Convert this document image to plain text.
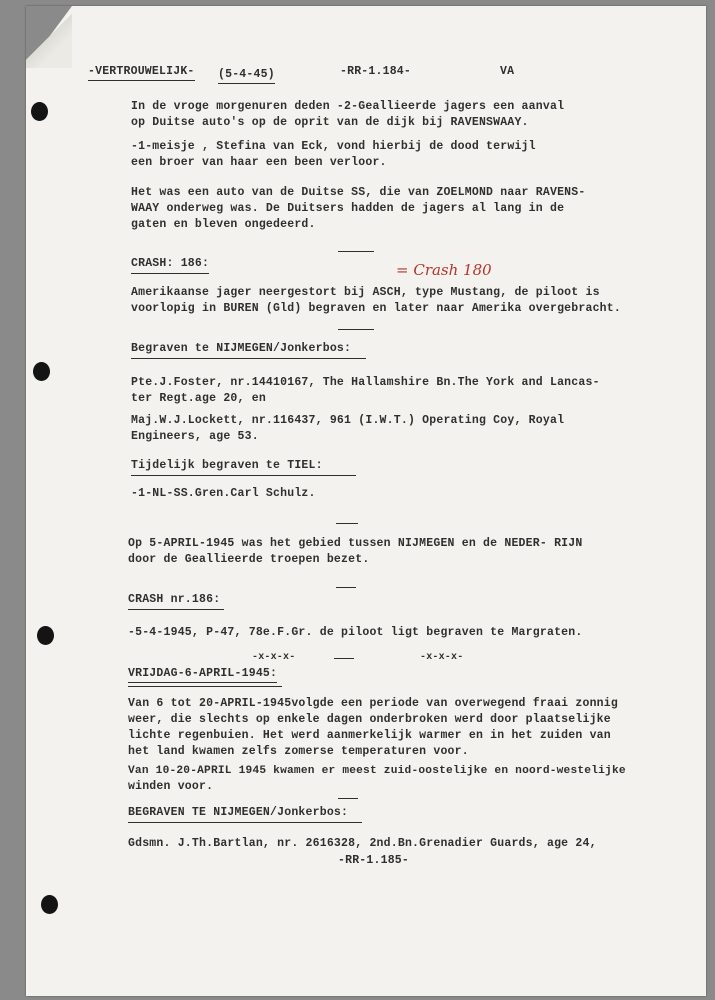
-VERTROUWELIJK- (5-4-45)	-RR-1.184-	VA
In de vroge morgenuren deden -2-Geallieerde jagers een aanval
op Duitse auto's op de oprit van de dijk bij RAVENSWAAY.
-1-meisje , Stefina van Eck, vond hierbij de dood terwijl
een broer van haar een been verloor.
Het was een auto van de Duitse SS, die van ZOELMOND naar RAVENS-
WAAY onderweg was. De Duitsers hadden de jagers al lang in de
gaten en bleven ongedeerd.
CRASH: 186:	= Crash 180
Amerikaanse jager neergestort bij ASCH, type Mustang, de piloot is
voorlopig in BUREN (Gld) begraven en later naar Amerika overgebracht.
Begraven te NIJMEGEN/Jonkerbos:
Pte.J.Foster, nr.14410167, The Hallamshire Bn.The York and Lancas-
ter Regt.age 20, en
Maj.W.J.Lockett, nr.116437, 961 (I.W.T.) Operating Coy, Royal
Engineers, age 53.
Tijdelijk begraven te TIEL:
-1-NL-SS.Gren.Carl Schulz.
Op 5-APRIL-1945 was het gebied tussen NIJMEGEN en de NEDER- RIJN
door de Geallieerde troepen bezet.
CRASH nr.186:
-5-4-1945, P-47, 78e.F.Gr. de piloot ligt begraven te Margraten.
-x-x-x-	-x-x-x-
VRIJDAG-6-APRIL-1945:
Van 6 tot 20-APRIL-1945volgde een periode van overwegend fraai zonnig
weer, die slechts op enkele dagen onderbroken werd door plaatselijke
lichte regenbuien. Het werd aanmerkelijk warmer en in het zuiden van
het land kwamen zelfs zomerse temperaturen voor.
Van 10-20-APRIL 1945 kwamen er meest zuid-oostelijke en noord-westelijke
winden voor.
BEGRAVEN TE NIJMEGEN/Jonkerbos:
Gdsmn. J.Th.Bartlan, nr. 2616328, 2nd.Bn.Grenadier Guards, age 24,
-RR-1.185-
